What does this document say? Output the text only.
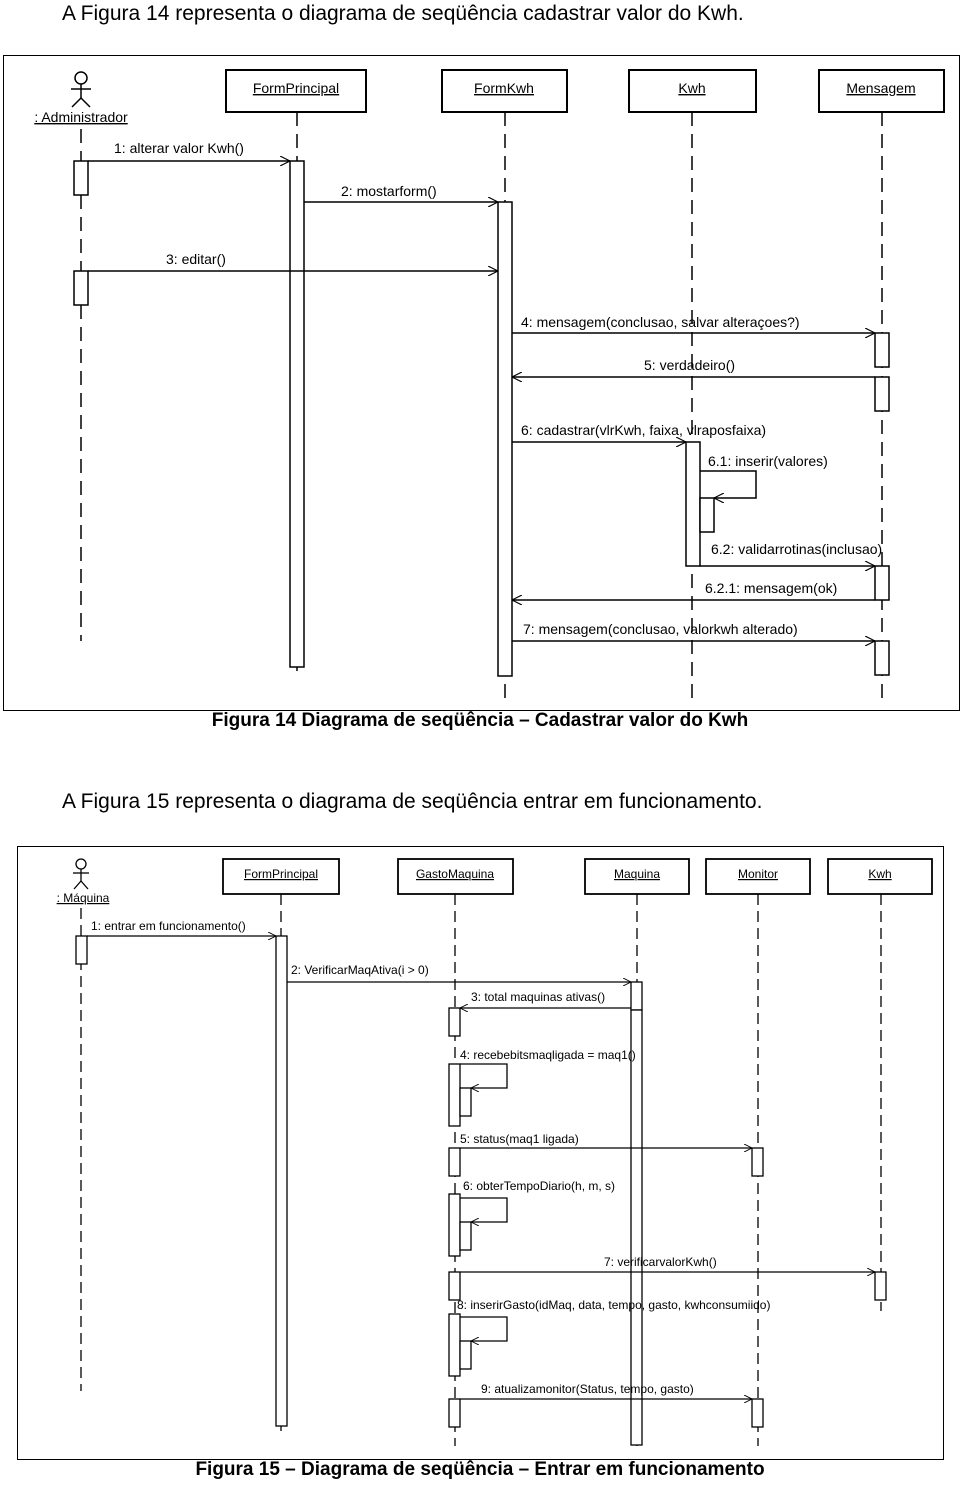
A Figura 14 representa o diagrama de seqüência cadastrar valor do Kwh.
: Administrador
FormPrincipal	FormKwh	Kwh	Mensagem
1: alterar valor Kwh()
2: mostarform()
3: editar()
4: mensagem(conclusao, salvar alteraçoes?)
5: verdadeiro()
6: cadastrar(vlrKwh, faixa, vlraposfaixa)
6.1: inserir(valores)
6.2: validarrotinas(inclusao)
6.2.1: mensagem(ok)
7: mensagem(conclusao, valorkwh alterado)
Figura 14 Diagrama de seqüência – Cadastrar valor do Kwh
A Figura 15 representa o diagrama de seqüência entrar em funcionamento.
: Máquina
FormPrincipal	GastoMaquina	Maquina	Monitor	Kwh
1: entrar em funcionamento()
2: VerificarMaqAtiva(i > 0)
3: total maquinas ativas()
4: recebebitsmaqligada = maq1()
5: status(maq1 ligada)
6: obterTempoDiario(h, m, s)
7: verificarvalorKwh()
8: inserirGasto(idMaq, data, tempo, gasto, kwhconsumiido)
9: atualizamonitor(Status, tempo, gasto)
Figura 15 – Diagrama de seqüência – Entrar em funcionamento
